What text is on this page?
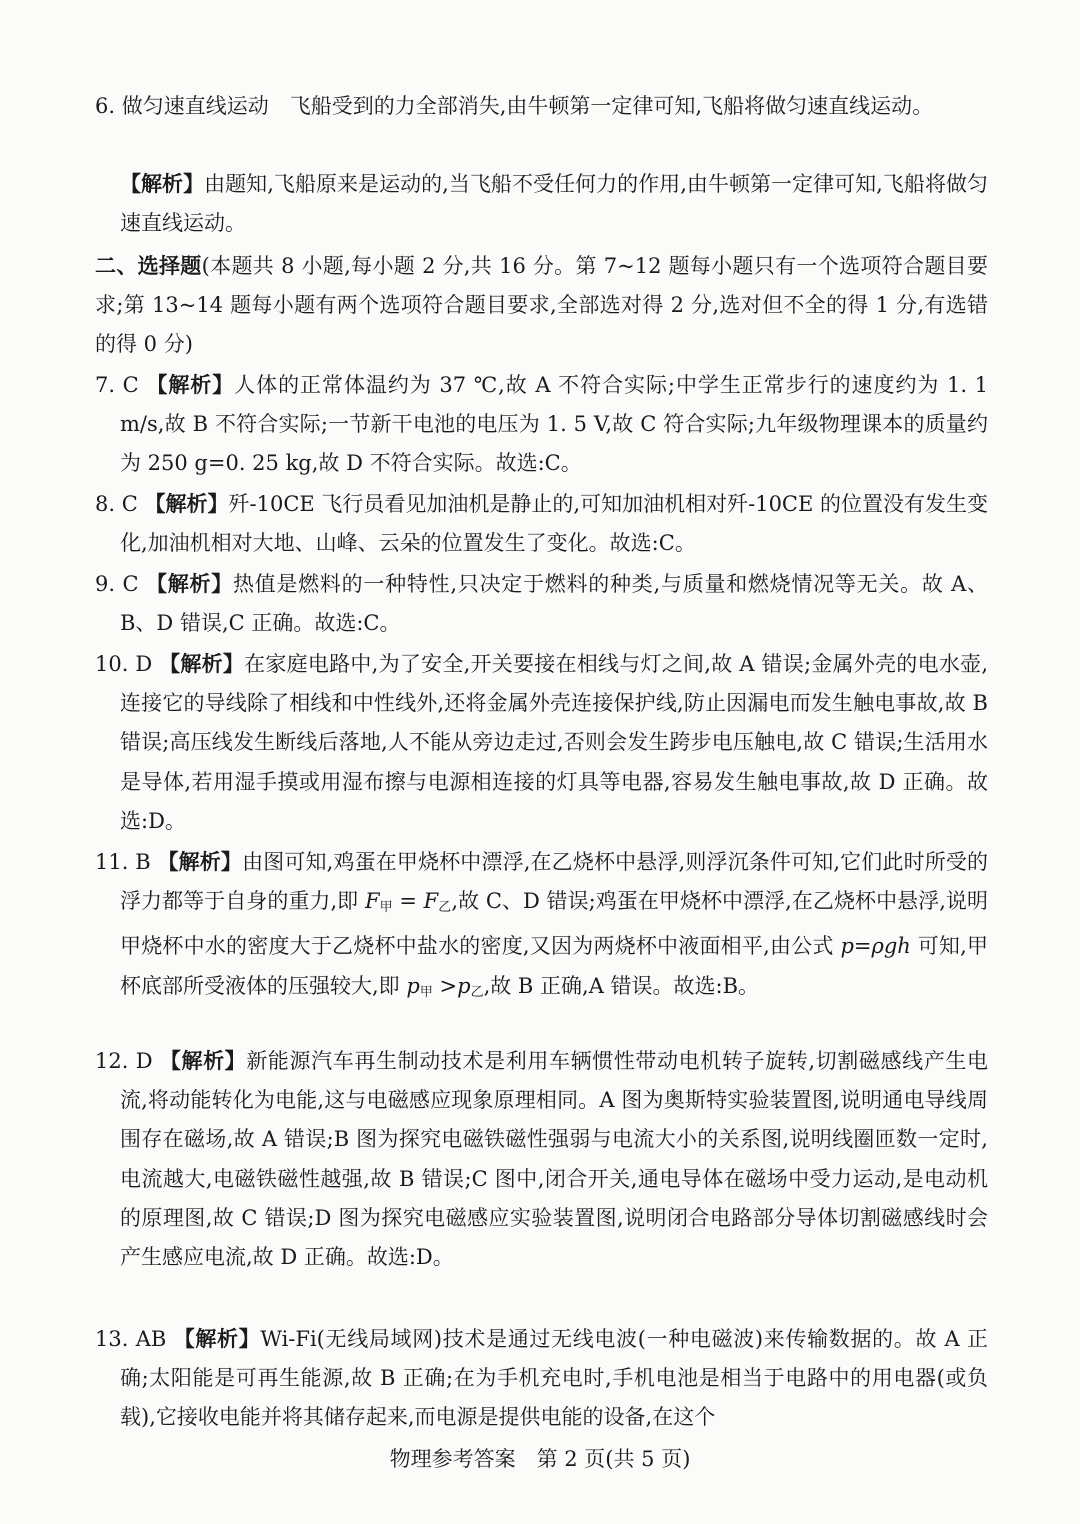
6. 做匀速直线运动　飞船受到的力全部消失,由牛顿第一定律可知,飞船将做匀速直线运动。

【解析】由题知,飞船原来是运动的,当飞船不受任何力的作用,由牛顿第一定律可知,飞船将做匀速直线运动。

二、选择题(本题共 8 小题,每小题 2 分,共 16 分。第 7~12 题每小题只有一个选项符合题目要求;第 13~14 题每小题有两个选项符合题目要求,全部选对得 2 分,选对但不全的得 1 分,有选错的得 0 分)

7. C 【解析】人体的正常体温约为 37 ℃,故 A 不符合实际;中学生正常步行的速度约为 1. 1 m/s,故 B 不符合实际;一节新干电池的电压为 1. 5 V,故 C 符合实际;九年级物理课本的质量约为 250 g=0. 25 kg,故 D 不符合实际。故选:C。

8. C 【解析】歼-10CE 飞行员看见加油机是静止的,可知加油机相对歼-10CE 的位置没有发生变化,加油机相对大地、山峰、云朵的位置发生了变化。故选:C。

9. C 【解析】热值是燃料的一种特性,只决定于燃料的种类,与质量和燃烧情况等无关。故 A、B、D 错误,C 正确。故选:C。

10. D 【解析】在家庭电路中,为了安全,开关要接在相线与灯之间,故 A 错误;金属外壳的电水壶,连接它的导线除了相线和中性线外,还将金属外壳连接保护线,防止因漏电而发生触电事故,故 B 错误;高压线发生断线后落地,人不能从旁边走过,否则会发生跨步电压触电,故 C 错误;生活用水是导体,若用湿手摸或用湿布擦与电源相连接的灯具等电器,容易发生触电事故,故 D 正确。故选:D。

11. B 【解析】由图可知,鸡蛋在甲烧杯中漂浮,在乙烧杯中悬浮,则浮沉条件可知,它们此时所受的浮力都等于自身的重力,即 $F_甲 = F_乙$,故 C、D 错误;鸡蛋在甲烧杯中漂浮,在乙烧杯中悬浮,说明甲烧杯中水的密度大于乙烧杯中盐水的密度,又因为两烧杯中液面相平,由公式 p=ρgh 可知,甲杯底部所受液体的压强较大,即 $p_甲 >p_乙$,故 B 正确,A 错误。故选:B。

12. D 【解析】新能源汽车再生制动技术是利用车辆惯性带动电机转子旋转,切割磁感线产生电流,将动能转化为电能,这与电磁感应现象原理相同。A 图为奥斯特实验装置图,说明通电导线周围存在磁场,故 A 错误;B 图为探究电磁铁磁性强弱与电流大小的关系图,说明线圈匝数一定时,电流越大,电磁铁磁性越强,故 B 错误;C 图中,闭合开关,通电导体在磁场中受力运动,是电动机的原理图,故 C 错误;D 图为探究电磁感应实验装置图,说明闭合电路部分导体切割磁感线时会产生感应电流,故 D 正确。故选:D。

13. AB 【解析】Wi-Fi(无线局域网)技术是通过无线电波(一种电磁波)来传输数据的。故 A 正确;太阳能是可再生能源,故 B 正确;在为手机充电时,手机电池是相当于电路中的用电器(或负载),它接收电能并将其储存起来,而电源是提供电能的设备,在这个

物理参考答案　第 2 页(共 5 页)
